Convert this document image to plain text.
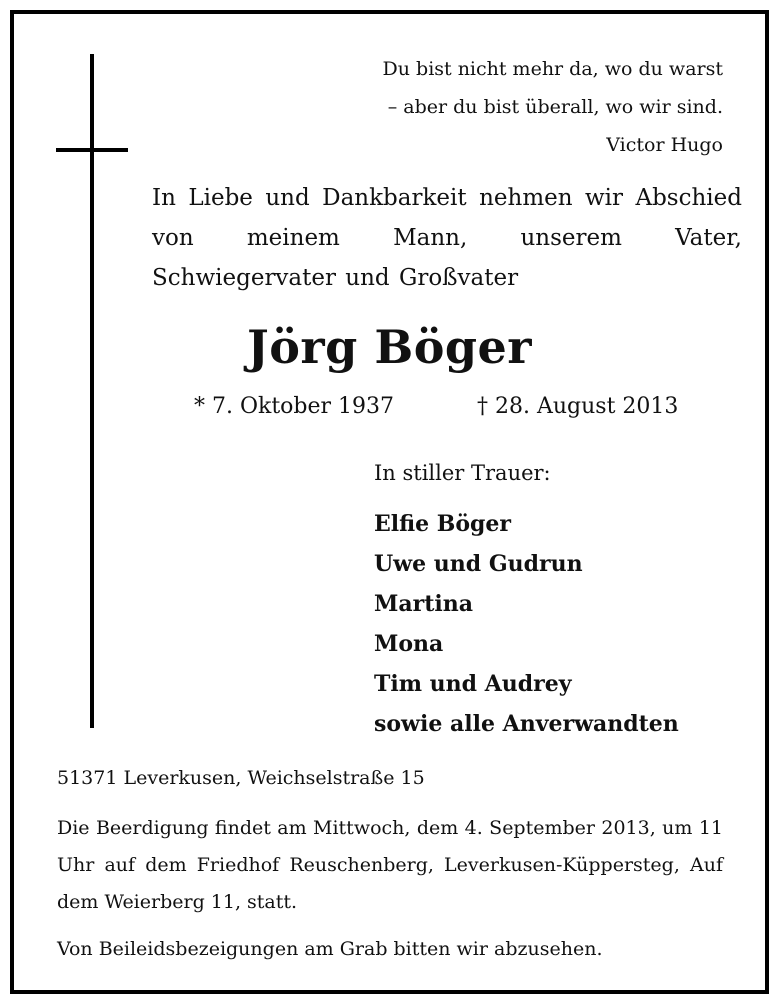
Du bist nicht mehr da, wo du warst
– aber du bist überall, wo wir sind.
Victor Hugo
In Liebe und Dankbarkeit nehmen wir Abschied von meinem Mann, unserem Vater, Schwiegervater und Großvater
Jörg Böger
* 7. Oktober 1937	† 28. August 2013
In stiller Trauer:
Elfie Böger
Uwe und Gudrun
Martina
Mona
Tim und Audrey
sowie alle Anverwandten
51371 Leverkusen, Weichselstraße 15
Die Beerdigung findet am Mittwoch, dem 4. September 2013, um 11 Uhr auf dem Friedhof Reuschenberg, Leverkusen-Küppersteg, Auf dem Weierberg 11, statt.
Von Beileidsbezeigungen am Grab bitten wir abzusehen.
